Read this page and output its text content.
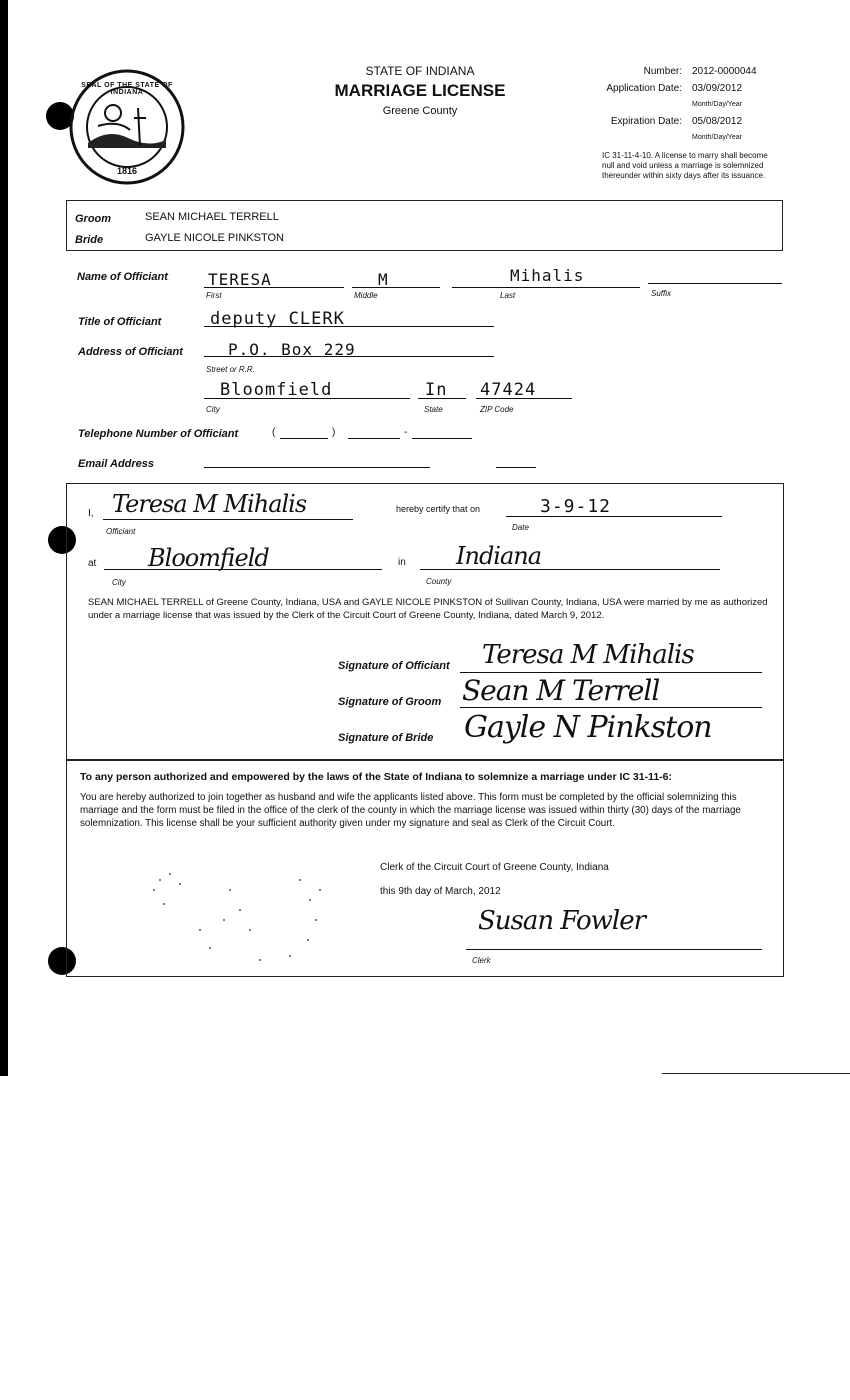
SEAL OF THE STATE OF INDIANA
1816
STATE OF INDIANA
MARRIAGE LICENSE
Greene County
Number: 2012-0000044
Application Date: 03/09/2012
Month/Day/Year
Expiration Date: 05/08/2012
Month/Day/Year
IC 31-11-4-10. A license to marry shall become null and void unless a marriage is solemnized thereunder within sixty days after its issuance.
Groom	SEAN MICHAEL TERRELL
Bride	GAYLE NICOLE PINKSTON
Name of Officiant	TERESA
First
M
Middle
Mihalis
Last	Suffix
Title of Officiant	deputy CLERK
Address of Officiant	P.O. Box 229
Street or R.R.
Bloomfield
City
In
State
47424
ZIP Code
Telephone Number of Officiant	(	)	-
Email Address
I, Teresa M Mihalis
Officiant
hereby certify that on	3-9-12
Date
at Bloomfield
City
in Indiana
County
SEAN MICHAEL TERRELL of Greene County, Indiana, USA and GAYLE NICOLE PINKSTON of Sullivan County, Indiana, USA were married by me as authorized under a marriage license that was issued by the Clerk of the Circuit Court of Greene County, Indiana, dated March 9, 2012.
Signature of Officiant Teresa M Mihalis
Signature of Groom Sean M Terrell
Signature of Bride Gayle N Pinkston
To any person authorized and empowered by the laws of the State of Indiana to solemnize a marriage under IC 31-11-6:
You are hereby authorized to join together as husband and wife the applicants listed above. This form must be completed by the official solemnizing this marriage and the form must be filed in the office of the clerk of the county in which the marriage license was issued within thirty (30) days of the marriage solemnization. This license shall be your sufficient authority given under my signature and seal as Clerk of the Circuit Court.
Clerk of the Circuit Court of Greene County, Indiana
this 9th day of March, 2012
Susan Fowler
Clerk
